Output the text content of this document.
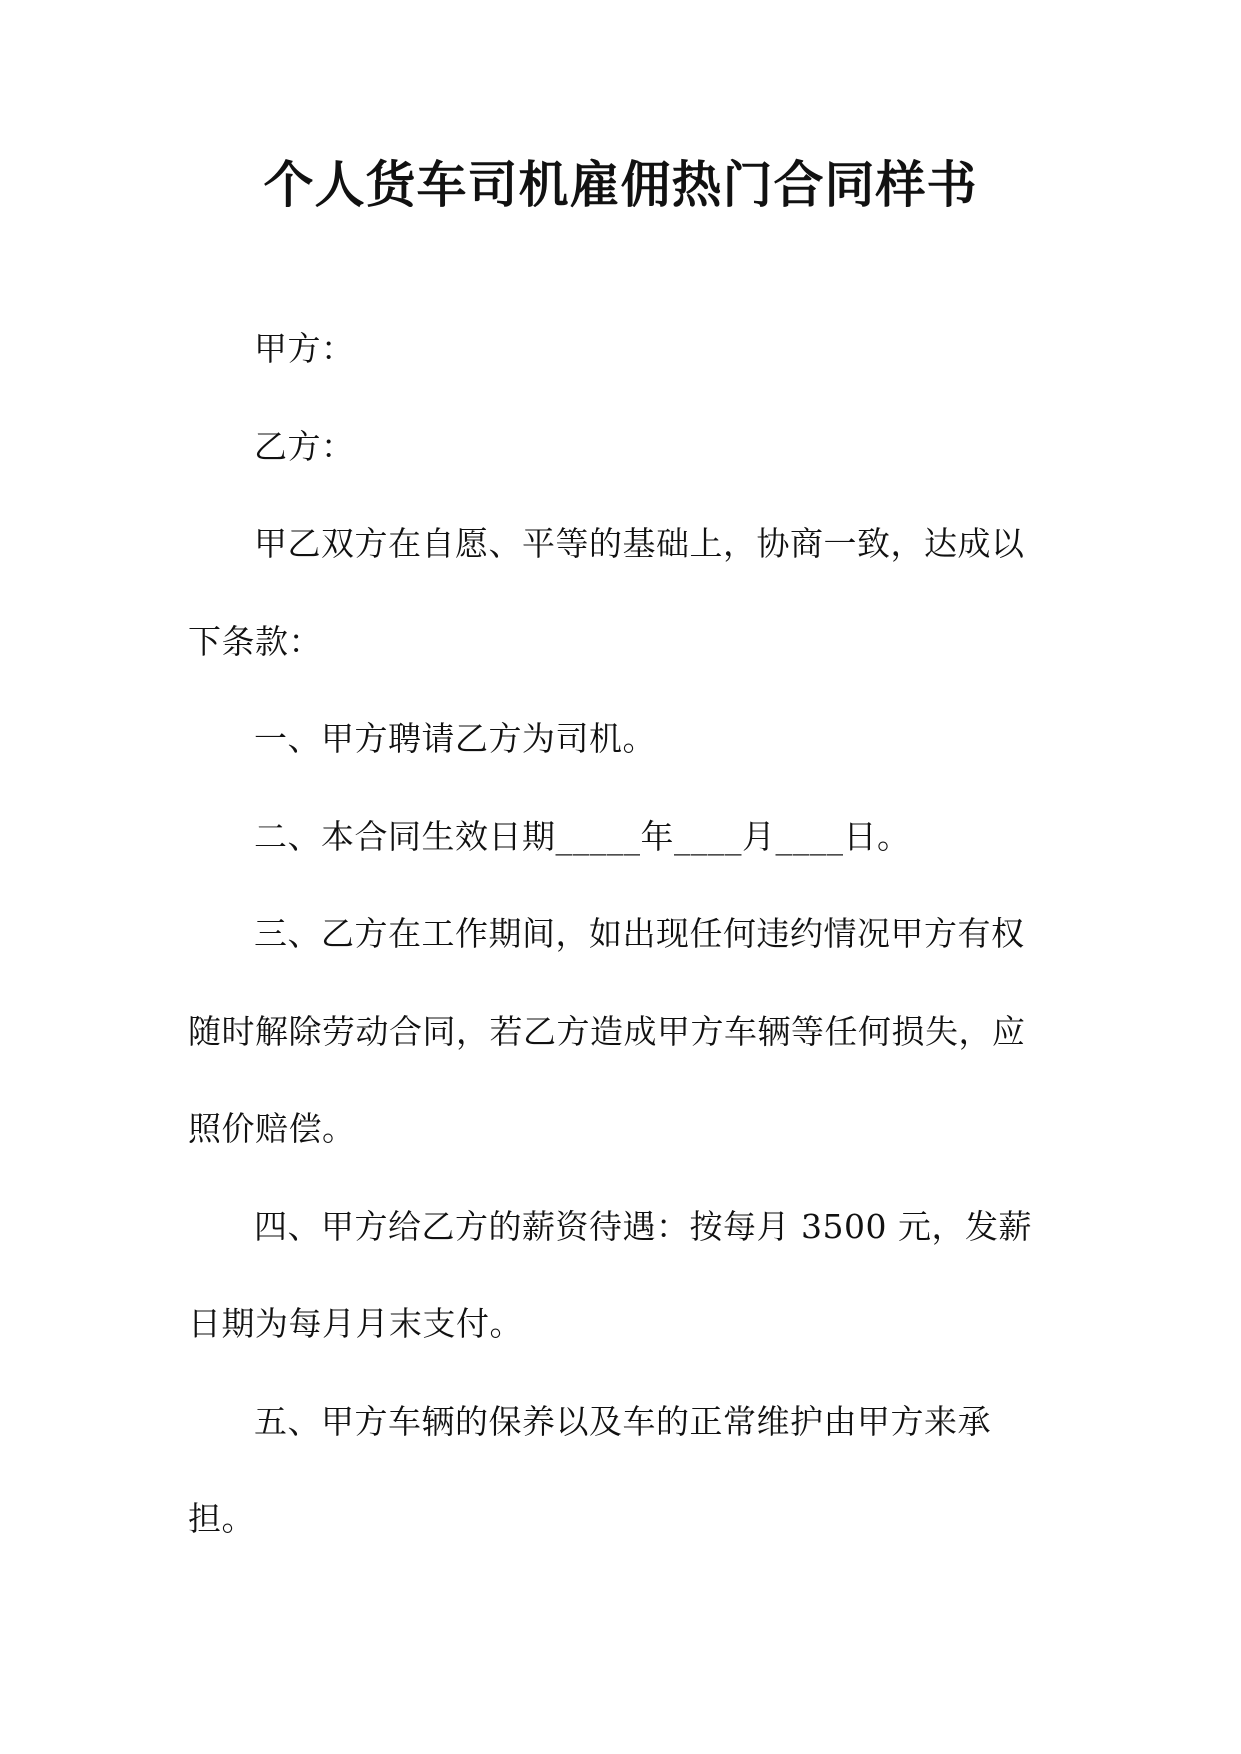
个人货车司机雇佣热门合同样书

甲方：

乙方：

甲乙双方在自愿、平等的基础上，协商一致，达成以下条款：

一、甲方聘请乙方为司机。

二、本合同生效日期_____年____月____日。

三、乙方在工作期间，如出现任何违约情况甲方有权随时解除劳动合同，若乙方造成甲方车辆等任何损失，应照价赔偿。

四、甲方给乙方的薪资待遇：按每月 3500 元，发薪日期为每月月末支付。

五、甲方车辆的保养以及车的正常维护由甲方来承担。
